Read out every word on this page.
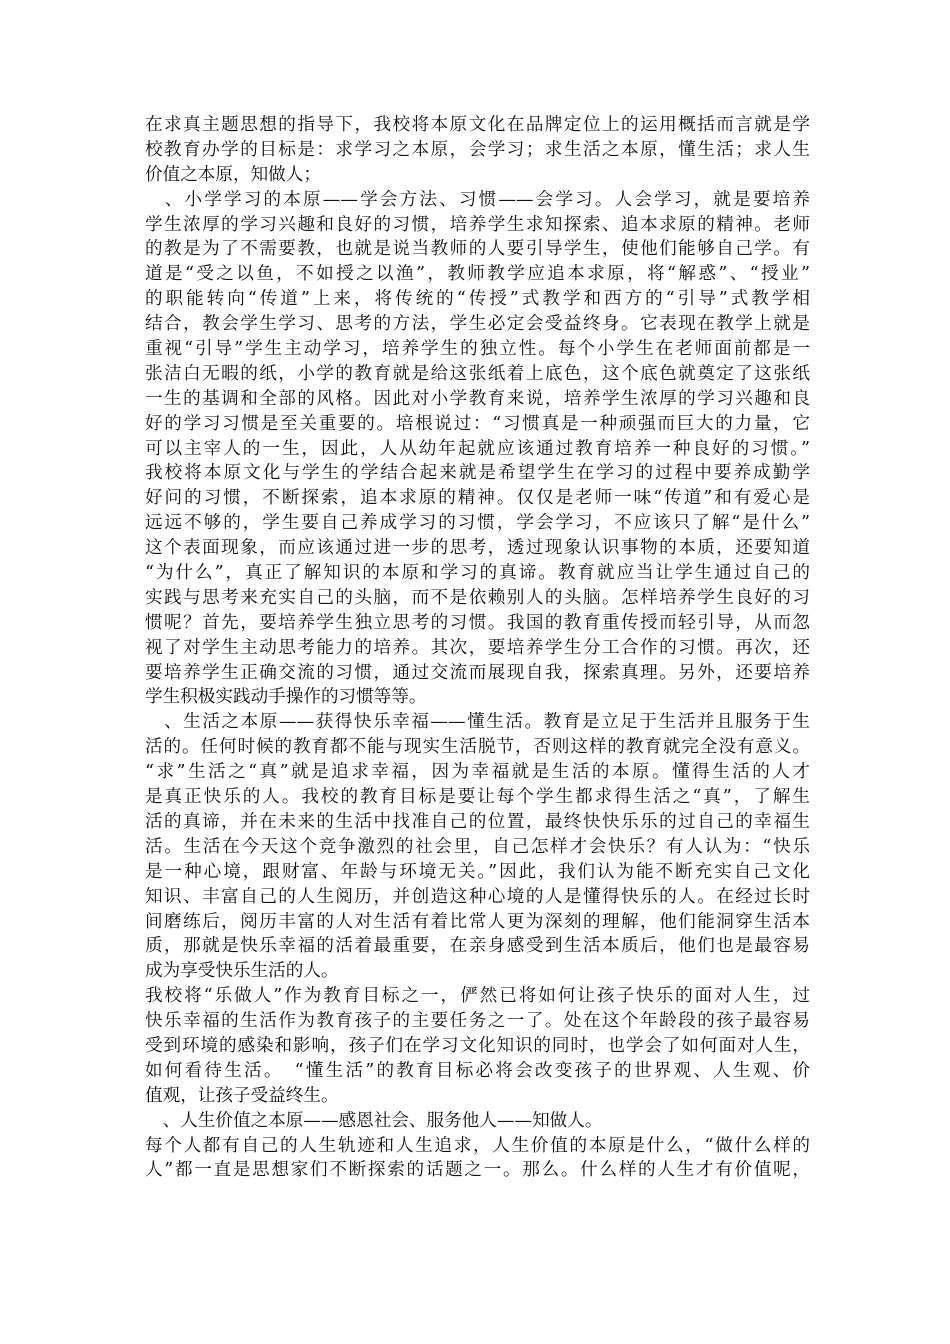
在求真主题思想的指导下，我校将本原文化在品牌定位上的运用概括而言就是学
校教育办学的目标是：求学习之本原，会学习；求生活之本原，懂生活；求人生
价值之本原，知做人；
　、小学学习的本原——学会方法、习惯——会学习。人会学习，就是要培养
学生浓厚的学习兴趣和良好的习惯，培养学生求知探索、追本求原的精神。老师
的教是为了不需要教，也就是说当教师的人要引导学生，使他们能够自己学。有
道是“受之以鱼，不如授之以渔”，教师教学应追本求原，将“解惑”、“授业”
的职能转向“传道”上来，将传统的“传授”式教学和西方的“引导”式教学相
结合，教会学生学习、思考的方法，学生必定会受益终身。它表现在教学上就是
重视“引导”学生主动学习，培养学生的独立性。每个小学生在老师面前都是一
张洁白无暇的纸，小学的教育就是给这张纸着上底色，这个底色就奠定了这张纸
一生的基调和全部的风格。因此对小学教育来说，培养学生浓厚的学习兴趣和良
好的学习习惯是至关重要的。培根说过：“习惯真是一种顽强而巨大的力量，它
可以主宰人的一生，因此，人从幼年起就应该通过教育培养一种良好的习惯。”
我校将本原文化与学生的学结合起来就是希望学生在学习的过程中要养成勤学
好问的习惯，不断探索，追本求原的精神。仅仅是老师一味“传道”和有爱心是
远远不够的，学生要自己养成学习的习惯，学会学习，不应该只了解“是什么”
这个表面现象，而应该通过进一步的思考，透过现象认识事物的本质，还要知道
“为什么”，真正了解知识的本原和学习的真谛。教育就应当让学生通过自己的
实践与思考来充实自己的头脑，而不是依赖别人的头脑。怎样培养学生良好的习
惯呢？首先，要培养学生独立思考的习惯。我国的教育重传授而轻引导，从而忽
视了对学生主动思考能力的培养。其次，要培养学生分工合作的习惯。再次，还
要培养学生正确交流的习惯，通过交流而展现自我，探索真理。另外，还要培养
学生积极实践动手操作的习惯等等。
　、生活之本原——获得快乐幸福——懂生活。教育是立足于生活并且服务于生
活的。任何时候的教育都不能与现实生活脱节，否则这样的教育就完全没有意义。
“求”生活之“真”就是追求幸福，因为幸福就是生活的本原。懂得生活的人才
是真正快乐的人。我校的教育目标是要让每个学生都求得生活之“真”，了解生
活的真谛，并在未来的生活中找准自己的位置，最终快快乐乐的过自己的幸福生
活。生活在今天这个竞争激烈的社会里，自己怎样才会快乐？有人认为：“快乐
是一种心境，跟财富、年龄与环境无关。”因此，我们认为能不断充实自己文化
知识、丰富自己的人生阅历，并创造这种心境的人是懂得快乐的人。在经过长时
间磨练后，阅历丰富的人对生活有着比常人更为深刻的理解，他们能洞穿生活本
质，那就是快乐幸福的活着最重要，在亲身感受到生活本质后，他们也是最容易
成为享受快乐生活的人。
我校将“乐做人”作为教育目标之一，俨然已将如何让孩子快乐的面对人生，过
快乐幸福的生活作为教育孩子的主要任务之一了。处在这个年龄段的孩子最容易
受到环境的感染和影响，孩子们在学习文化知识的同时，也学会了如何面对人生，
如何看待生活。　“懂生活”的教育目标必将会改变孩子的世界观、人生观、价
值观，让孩子受益终生。
　、人生价值之本原——感恩社会、服务他人——知做人。
每个人都有自己的人生轨迹和人生追求，人生价值的本原是什么，“做什么样的
人”都一直是思想家们不断探索的话题之一。那么。什么样的人生才有价值呢，
